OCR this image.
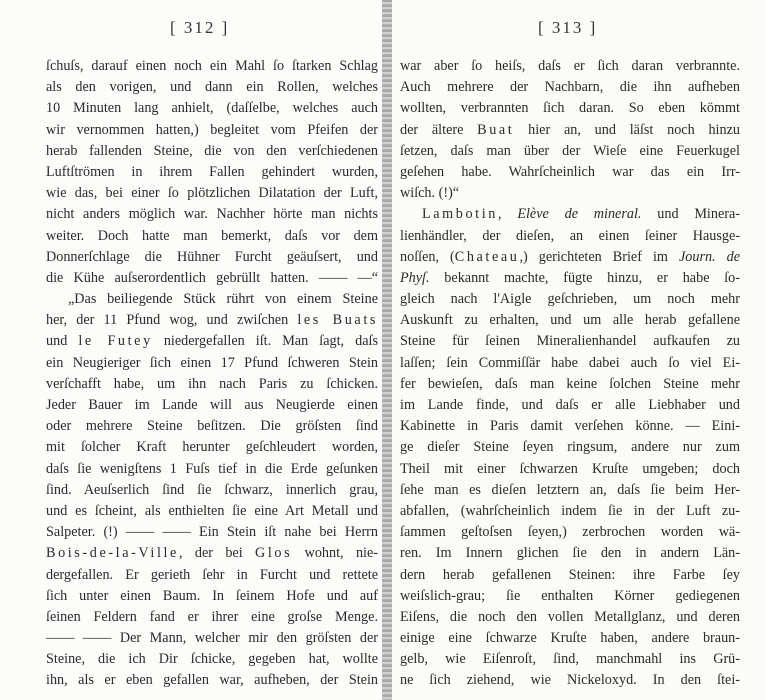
[ 312 ]
ſchuſs, darauf einen noch ein Mahl ſo ſtarken Schlag
als den vorigen, und dann ein Rollen, welches
10 Minuten lang anhielt, (daſſelbe, welches auch
wir vernommen hatten,) begleitet vom Pfeifen der
herab fallenden Steine, die von den verſchiedenen
Luftſtrömen in ihrem Fallen gehindert wurden,
wie das, bei einer ſo plötzlichen Dilatation der Luft,
nicht anders möglich war. Nachher hörte man nichts
weiter. Doch hatte man bemerkt, daſs vor dem
Donnerſchlage die Hühner Furcht geäuſsert, und
die Kühe auſserordentlich gebrüllt hatten. —— —“
„Das beiliegende Stück rührt von einem Steine
her, der 11 Pfund wog, und zwiſchen les Buats
und le Futey niedergefallen iſt. Man ſagt, daſs
ein Neugieriger ſich einen 17 Pfund ſchweren Stein
verſchafft habe, um ihn nach Paris zu ſchicken.
Jeder Bauer im Lande will aus Neugierde einen
oder mehrere Steine beſitzen. Die gröſsten ſind
mit ſolcher Kraft herunter geſchleudert worden,
daſs ſie wenigſtens 1 Fuſs tief in die Erde geſunken
ſind. Aeuſserlich ſind ſie ſchwarz, innerlich grau,
und es ſcheint, als enthielten ſie eine Art Metall und
Salpeter. (!) —— —— Ein Stein iſt nahe bei Herrn
Bois-de-la-Ville, der bei Glos wohnt, nie-
dergefallen. Er gerieth ſehr in Furcht und rettete
ſich unter einen Baum. In ſeinem Hofe und auf
ſeinen Feldern fand er ihrer eine groſse Menge.
—— —— Der Mann, welcher mir den gröſsten der
Steine, die ich Dir ſchicke, gegeben hat, wollte
ihn, als er eben gefallen war, aufheben, der Stein
[ 313 ]
war aber ſo heiſs, daſs er ſich daran verbrannte.
Auch mehrere der Nachbarn, die ihn aufheben
wollten, verbrannten ſich daran. So eben kömmt
der ältere Buat hier an, und läſst noch hinzu
ſetzen, daſs man über der Wieſe eine Feuerkugel
geſehen habe. Wahrſcheinlich war das ein Irr-
wiſch. (!)“
Lambotin, Elève de mineral. und Minera-
lienhändler, der dieſen, an einen ſeiner Hausge-
noſſen, (Chateau,) gerichteten Brief im Journ. de
Phyſ. bekannt machte, fügte hinzu, er habe ſo-
gleich nach l'Aigle geſchrieben, um noch mehr
Auskunft zu erhalten, und um alle herab gefallene
Steine für ſeinen Mineralienhandel aufkaufen zu
laſſen; ſein Commiſſär habe dabei auch ſo viel Ei-
fer bewieſen, daſs man keine ſolchen Steine mehr
im Lande finde, und daſs er alle Liebhaber und
Kabinette in Paris damit verſehen könne. — Eini-
ge dieſer Steine ſeyen ringsum, andere nur zum
Theil mit einer ſchwarzen Kruſte umgeben; doch
ſehe man es dieſen letztern an, daſs ſie beim Her-
abfallen, (wahrſcheinlich indem ſie in der Luft zu-
ſammen geſtoſsen ſeyen,) zerbrochen worden wä-
ren. Im Innern glichen ſie den in andern Län-
dern herab gefallenen Steinen: ihre Farbe ſey
weiſslich-grau; ſie enthalten Körner gediegenen
Eiſens, die noch den vollen Metallglanz, und deren
einige eine ſchwarze Kruſte haben, andere braun-
gelb, wie Eiſenroſt, ſind, manchmahl ins Grü-
ne ſich ziehend, wie Nickeloxyd. In den ſtei-
